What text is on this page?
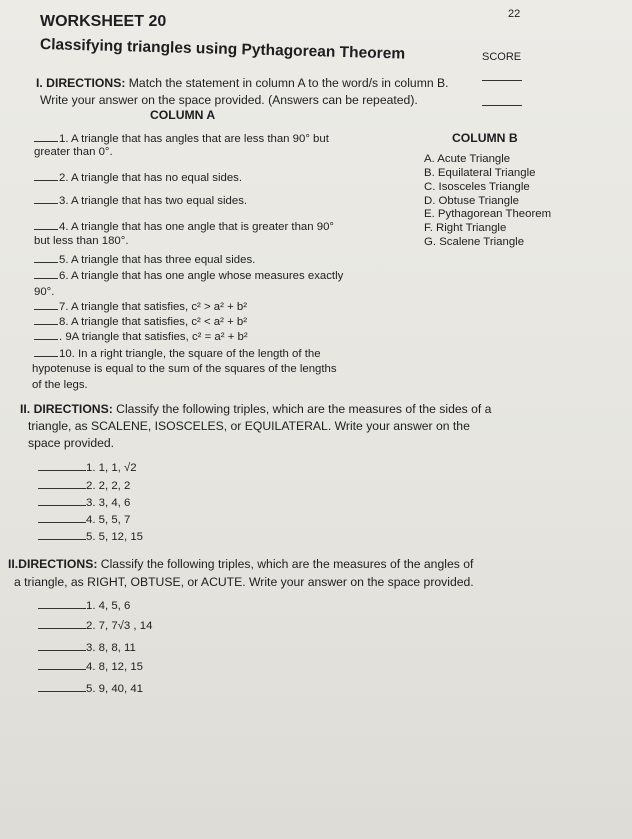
22
WORKSHEET 20
Classifying triangles using Pythagorean Theorem	SCORE
I. DIRECTIONS: Match the statement in column A to the word/s in column B.
Write your answer on the space provided. (Answers can be repeated).
COLUMN A
COLUMN B
1. A triangle that has angles that are less than 90° but
greater than 0°.
2. A triangle that has no equal sides.
3. A triangle that has two equal sides.
4. A triangle that has one angle that is greater than 90°
but less than 180°.
5. A triangle that has three equal sides.
6. A triangle that has one angle whose measures exactly
90°.
7. A triangle that satisfies, c² > a² + b²
8. A triangle that satisfies, c² < a² + b²
. 9A triangle that satisfies, c² = a² + b²
10. In a right triangle, the square of the length of the
hypotenuse is equal to the sum of the squares of the lengths
of the legs.
A. Acute Triangle
B. Equilateral Triangle
C. Isosceles Triangle
D. Obtuse Triangle
E. Pythagorean Theorem
F. Right Triangle
G. Scalene Triangle
II. DIRECTIONS: Classify the following triples, which are the measures of the sides of a
triangle, as SCALENE, ISOSCELES, or EQUILATERAL. Write your answer on the
space provided.
1. 1, 1, √2
2. 2, 2, 2
3. 3, 4, 6
4. 5, 5, 7
5. 5, 12, 15
II.DIRECTIONS: Classify the following triples, which are the measures of the angles of
a triangle, as RIGHT, OBTUSE, or ACUTE. Write your answer on the space provided.
1. 4, 5, 6
2. 7, 7√3 , 14
3. 8, 8, 11
4. 8, 12, 15
5. 9, 40, 41
